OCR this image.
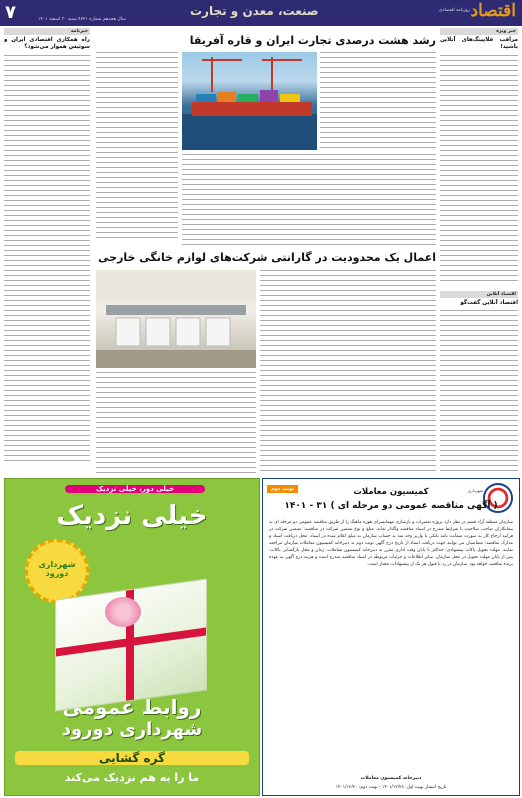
۷	صنعت، معدن و تجارت
سال هجدهم شماره ۴۷۲۱ شنبه ۳۰ اسفند ۱۴۰۱
روزنامه اقتصادی اقتصاد
خبر ویژه
مراقب فلاپینگ‌های آنلاین باشید!
اقتصاد آنلاین
اقتصاد آنلاین گفت‌گو
خبرنامه
راه همکاری اقتصادی ایران و سوئیس هموار می‌شود؟
رشد هشت درصدی تجارت ایران و قاره آفریقا
اعمال یک محدودیت در گارانتی شرکت‌های لوازم خانگی خارجی
خیلی دور، خیلی نزدیک
خیلی نزدیک
شهرداری دورود
روابط عمومی
شهرداری دورود
گره گشایی
ما را به هم نزدیک می‌کند
نوبت دوم	شهرداری
کمیسیون معاملات
( آگهی مناقصه عمومی دو مرحله ای ) ۳۱ - ۱۴۰۱
سازمان منطقه آزاد قشم در نظر دارد پروژه تعمیرات و بازسازی مهمانسرای هوزه ماهنگ را از طریق مناقصه عمومی دو مرحله ای به پیمانکاران صاحب صلاحیت با شرایط مندرج در اسناد مناقصه واگذار نماید. مبلغ و نوع تضمین شرکت در مناقصه: تضمین شرکت در فرایند ارجاع کار به صورت ضمانت نامه بانکی یا واریز وجه نقد به حساب سازمان به مبلغ اعلام شده در اسناد. محل دریافت اسناد و مدارک مناقصه: متقاضیان می توانند جهت دریافت اسناد از تاریخ درج آگهی نوبت دوم به دبیرخانه کمیسیون معاملات سازمان مراجعه نمایند. مهلت تحویل پاکات پیشنهادی: حداکثر تا پایان وقت اداری مقرر به دبیرخانه کمیسیون معاملات. زمان و محل بازگشایی پاکات: پس از پایان مهلت تحویل در محل سازمان. سایر اطلاعات و جزئیات مربوطه در اسناد مناقصه مندرج است و هزینه درج آگهی به عهده برنده مناقصه خواهد بود. سازمان در رد یا قبول هر یک از پیشنهادات مختار است.
دبیرخانه کمیسیون معاملات
تاریخ انتشار نوبت اول: ۱۴۰۱/۱۲/۲۸ - نوبت دوم: ۱۴۰۱/۱۲/۳۰
